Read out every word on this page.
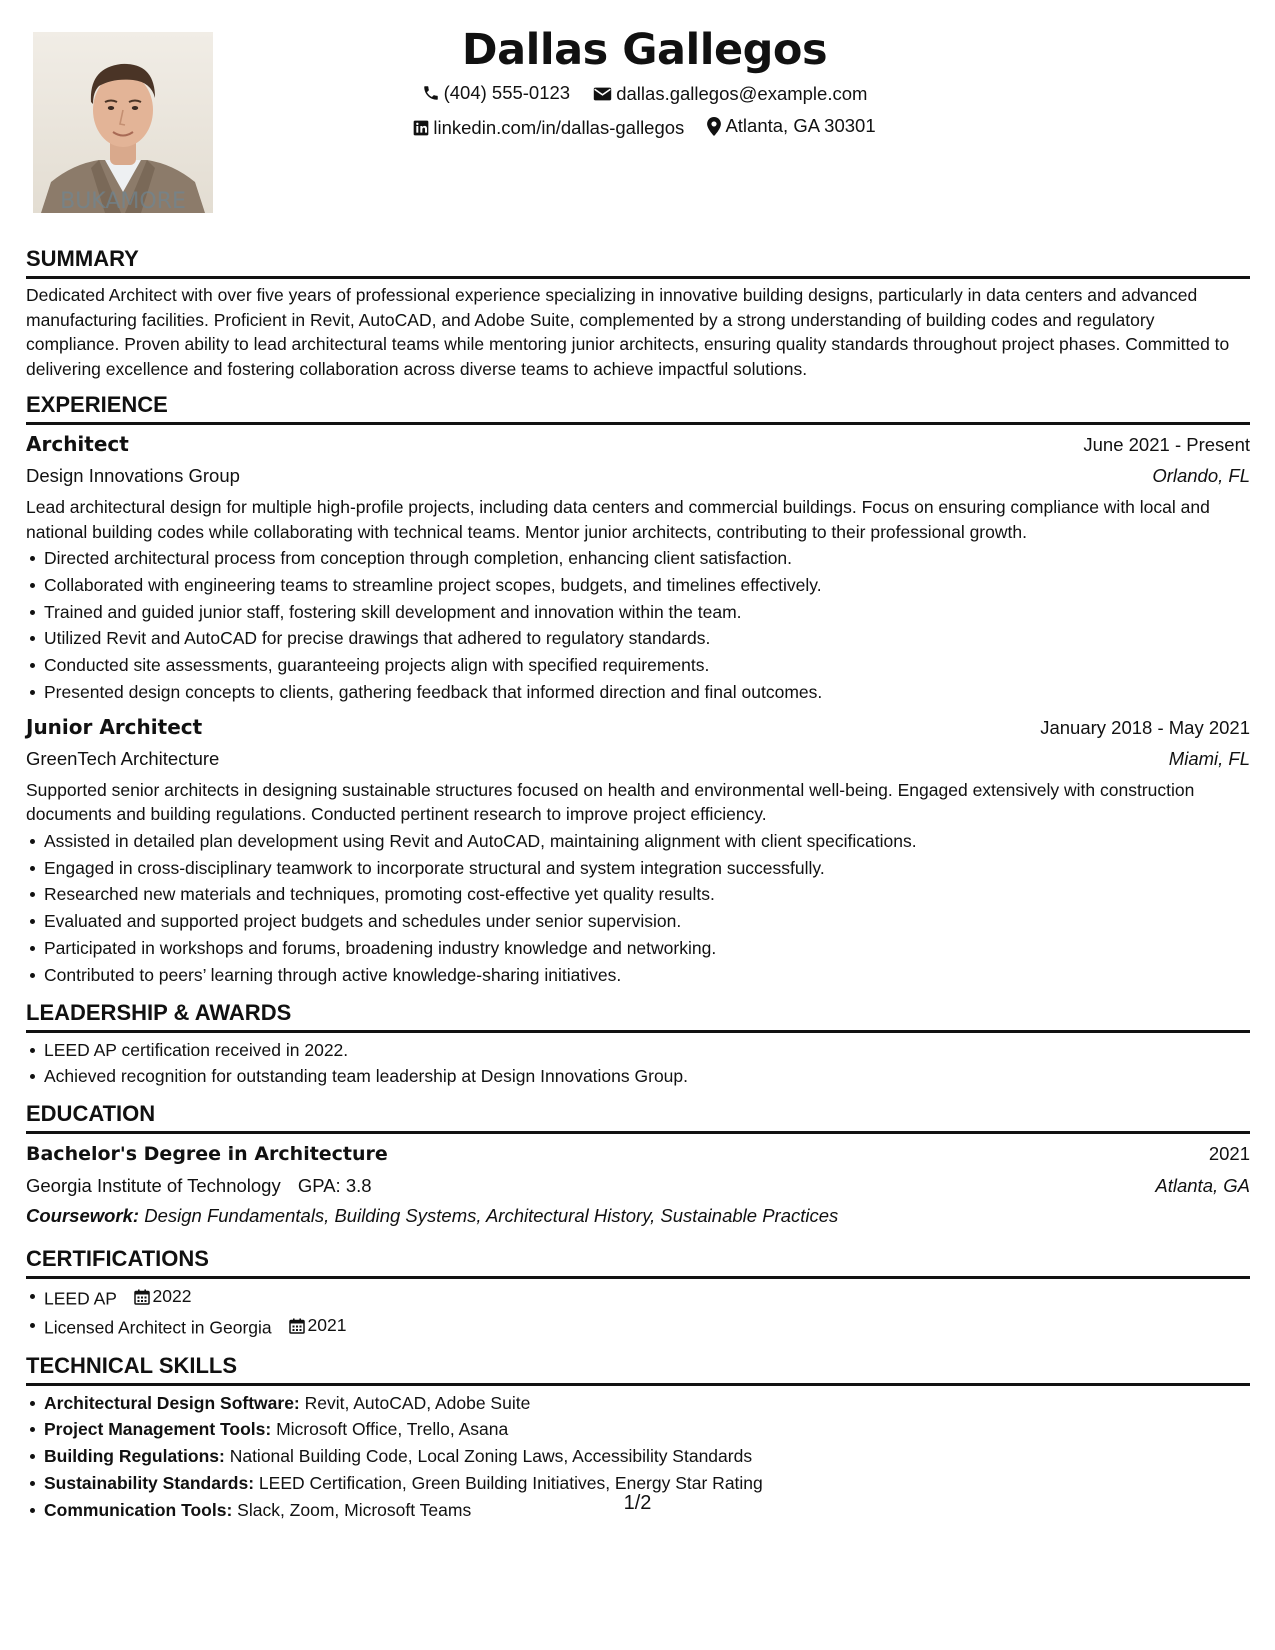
BUKAMORE
Dallas Gallegos
(404) 555-0123
dallas.gallegos@example.com
linkedin.com/in/dallas-gallegos
Atlanta, GA 30301
SUMMARY
Dedicated Architect with over five years of professional experience specializing in innovative building designs, particularly in data centers and advanced manufacturing facilities. Proficient in Revit, AutoCAD, and Adobe Suite, complemented by a strong understanding of building codes and regulatory compliance. Proven ability to lead architectural teams while mentoring junior architects, ensuring quality standards throughout project phases. Committed to delivering excellence and fostering collaboration across diverse teams to achieve impactful solutions.
EXPERIENCE
Architect	June 2021 - Present
Design Innovations Group	Orlando, FL
Lead architectural design for multiple high-profile projects, including data centers and commercial buildings. Focus on ensuring compliance with local and national building codes while collaborating with technical teams. Mentor junior architects, contributing to their professional growth.
Directed architectural process from conception through completion, enhancing client satisfaction.
Collaborated with engineering teams to streamline project scopes, budgets, and timelines effectively.
Trained and guided junior staff, fostering skill development and innovation within the team.
Utilized Revit and AutoCAD for precise drawings that adhered to regulatory standards.
Conducted site assessments, guaranteeing projects align with specified requirements.
Presented design concepts to clients, gathering feedback that informed direction and final outcomes.
Junior Architect	January 2018 - May 2021
GreenTech Architecture	Miami, FL
Supported senior architects in designing sustainable structures focused on health and environmental well-being. Engaged extensively with construction documents and building regulations. Conducted pertinent research to improve project efficiency.
Assisted in detailed plan development using Revit and AutoCAD, maintaining alignment with client specifications.
Engaged in cross-disciplinary teamwork to incorporate structural and system integration successfully.
Researched new materials and techniques, promoting cost-effective yet quality results.
Evaluated and supported project budgets and schedules under senior supervision.
Participated in workshops and forums, broadening industry knowledge and networking.
Contributed to peers’ learning through active knowledge-sharing initiatives.
LEADERSHIP & AWARDS
LEED AP certification received in 2022.
Achieved recognition for outstanding team leadership at Design Innovations Group.
EDUCATION
Bachelor's Degree in Architecture	2021
Georgia Institute of Technology GPA: 3.8	Atlanta, GA
Coursework: Design Fundamentals, Building Systems, Architectural History, Sustainable Practices
CERTIFICATIONS
LEED AP 2022
Licensed Architect in Georgia 2021
TECHNICAL SKILLS
Architectural Design Software: Revit, AutoCAD, Adobe Suite
Project Management Tools: Microsoft Office, Trello, Asana
Building Regulations: National Building Code, Local Zoning Laws, Accessibility Standards
Sustainability Standards: LEED Certification, Green Building Initiatives, Energy Star Rating
Communication Tools: Slack, Zoom, Microsoft Teams	1/2
